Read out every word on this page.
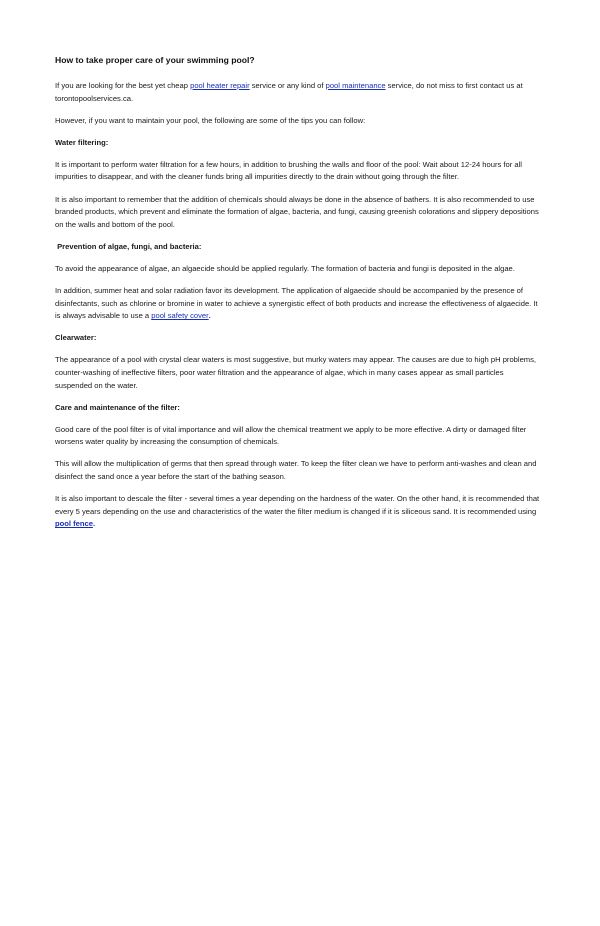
How to take proper care of your swimming pool?

If you are looking for the best yet cheap pool heater repair service or any kind of pool maintenance service, do not miss to first contact us at torontopoolservices.ca.

However, if you want to maintain your pool, the following are some of the tips you can follow:

Water filtering:

It is important to perform water filtration for a few hours, in addition to brushing the walls and floor of the pool: Wait about 12-24 hours for all impurities to disappear, and with the cleaner funds bring all impurities directly to the drain without going through the filter.

It is also important to remember that the addition of chemicals should always be done in the absence of bathers. It is also recommended to use branded products, which prevent and eliminate the formation of algae, bacteria, and fungi, causing greenish colorations and slippery depositions on the walls and bottom of the pool.

Prevention of algae, fungi, and bacteria:

To avoid the appearance of algae, an algaecide should be applied regularly. The formation of bacteria and fungi is deposited in the algae.

In addition, summer heat and solar radiation favor its development. The application of algaecide should be accompanied by the presence of disinfectants, such as chlorine or bromine in water to achieve a synergistic effect of both products and increase the effectiveness of algaecide. It is always advisable to use a pool safety cover.

Clearwater:

The appearance of a pool with crystal clear waters is most suggestive, but murky waters may appear. The causes are due to high pH problems, counter-washing of ineffective filters, poor water filtration and the appearance of algae, which in many cases appear as small particles suspended on the water.

Care and maintenance of the filter:

Good care of the pool filter is of vital importance and will allow the chemical treatment we apply to be more effective. A dirty or damaged filter worsens water quality by increasing the consumption of chemicals.

This will allow the multiplication of germs that then spread through water. To keep the filter clean we have to perform anti-washes and clean and disinfect the sand once a year before the start of the bathing season.

It is also important to descale the filter - several times a year depending on the hardness of the water. On the other hand, it is recommended that every 5 years depending on the use and characteristics of the water the filter medium is changed if it is siliceous sand. It is recommended using pool fence.
